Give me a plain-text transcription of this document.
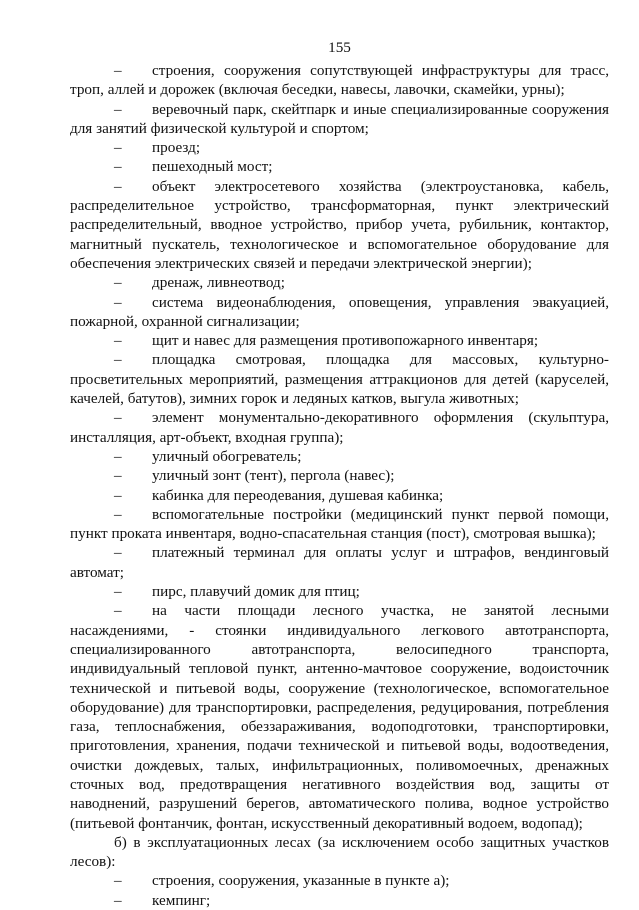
155

– строения, сооружения сопутствующей инфраструктуры для трасс, троп, аллей и дорожек (включая беседки, навесы, лавочки, скамейки, урны);

– веревочный парк, скейтпарк и иные специализированные сооружения для занятий физической культурой и спортом;

– проезд;

– пешеходный мост;

– объект электросетевого хозяйства (электроустановка, кабель, распределительное устройство, трансформаторная, пункт электрический распределительный, вводное устройство, прибор учета, рубильник, контактор, магнитный пускатель, технологическое и вспомогательное оборудование для обеспечения электрических связей и передачи электрической энергии);

– дренаж, ливнеотвод;

– система видеонаблюдения, оповещения, управления эвакуацией, пожарной, охранной сигнализации;

– щит и навес для размещения противопожарного инвентаря;

– площадка смотровая, площадка для массовых, культурно-просветительных мероприятий, размещения аттракционов для детей (каруселей, качелей, батутов), зимних горок и ледяных катков, выгула животных;

– элемент монументально-декоративного оформления (скульптура, инсталляция, арт-объект, входная группа);

– уличный обогреватель;

– уличный зонт (тент), пергола (навес);

– кабинка для переодевания, душевая кабинка;

– вспомогательные постройки (медицинский пункт первой помощи, пункт проката инвентаря, водно-спасательная станция (пост), смотровая вышка);

– платежный терминал для оплаты услуг и штрафов, вендинговый автомат;

– пирс, плавучий домик для птиц;

– на части площади лесного участка, не занятой лесными насаждениями, - стоянки индивидуального легкового автотранспорта, специализированного автотранспорта, велосипедного транспорта, индивидуальный тепловой пункт, антенно-мачтовое сооружение, водоисточник технической и питьевой воды, сооружение (технологическое, вспомогательное оборудование) для транспортировки, распределения, редуцирования, потребления газа, теплоснабжения, обеззараживания, водоподготовки, транспортировки, приготовления, хранения, подачи технической и питьевой воды, водоотведения, очистки дождевых, талых, инфильтрационных, поливомоечных, дренажных сточных вод, предотвращения негативного воздействия вод, защиты от наводнений, разрушений берегов, автоматического полива, водное устройство (питьевой фонтанчик, фонтан, искусственный декоративный водоем, водопад);

б) в эксплуатационных лесах (за исключением особо защитных участков лесов):

– строения, сооружения, указанные в пункте а);

– кемпинг;
